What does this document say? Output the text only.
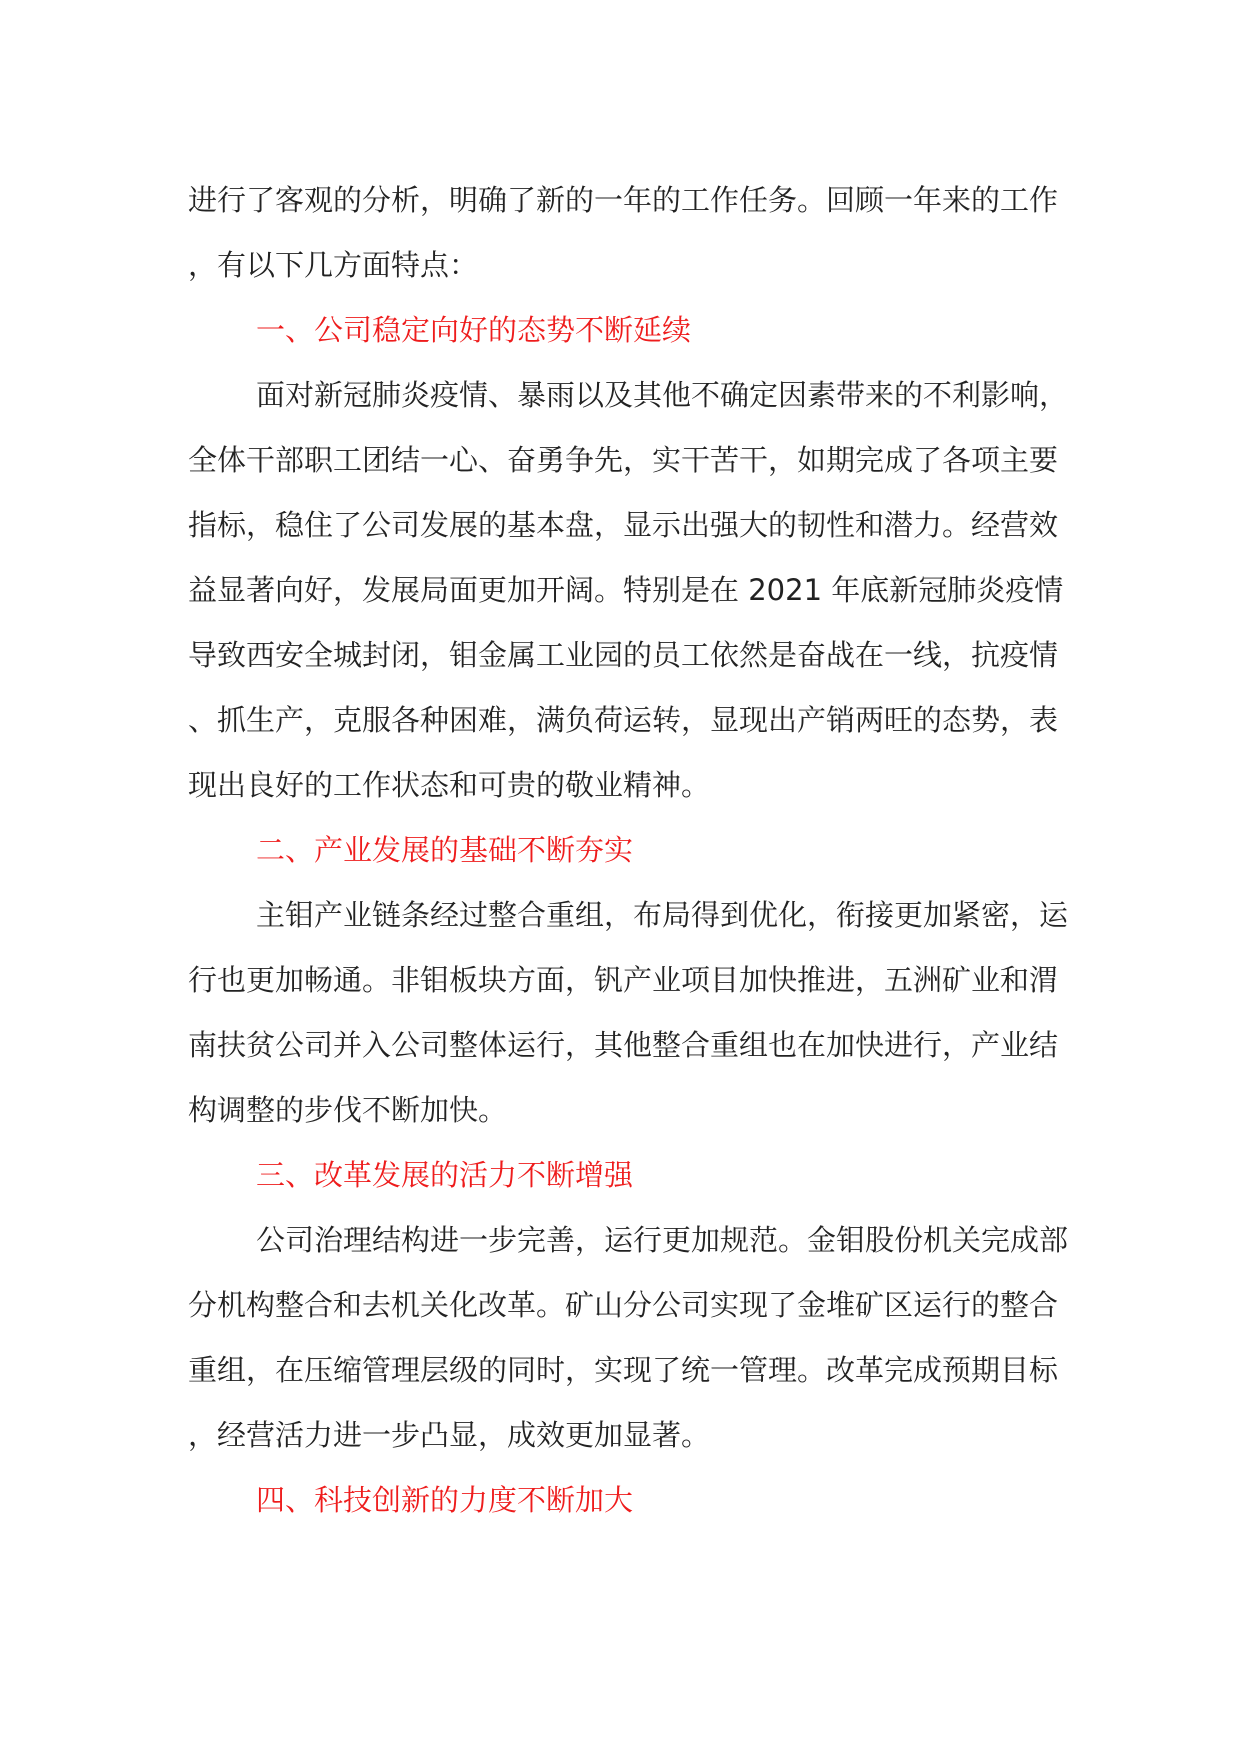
进行了客观的分析，明确了新的一年的工作任务。回顾一年来的工作，有以下几方面特点：

一、公司稳定向好的态势不断延续

面对新冠肺炎疫情、暴雨以及其他不确定因素带来的不利影响，全体干部职工团结一心、奋勇争先，实干苦干，如期完成了各项主要指标，稳住了公司发展的基本盘，显示出强大的韧性和潜力。经营效益显著向好，发展局面更加开阔。特别是在 2021 年底新冠肺炎疫情导致西安全城封闭，钼金属工业园的员工依然是奋战在一线，抗疫情、抓生产，克服各种困难，满负荷运转，显现出产销两旺的态势，表现出良好的工作状态和可贵的敬业精神。

二、产业发展的基础不断夯实

主钼产业链条经过整合重组，布局得到优化，衔接更加紧密，运行也更加畅通。非钼板块方面，钒产业项目加快推进，五洲矿业和渭南扶贫公司并入公司整体运行，其他整合重组也在加快进行，产业结构调整的步伐不断加快。

三、改革发展的活力不断增强

公司治理结构进一步完善，运行更加规范。金钼股份机关完成部分机构整合和去机关化改革。矿山分公司实现了金堆矿区运行的整合重组，在压缩管理层级的同时，实现了统一管理。改革完成预期目标，经营活力进一步凸显，成效更加显著。

四、科技创新的力度不断加大
